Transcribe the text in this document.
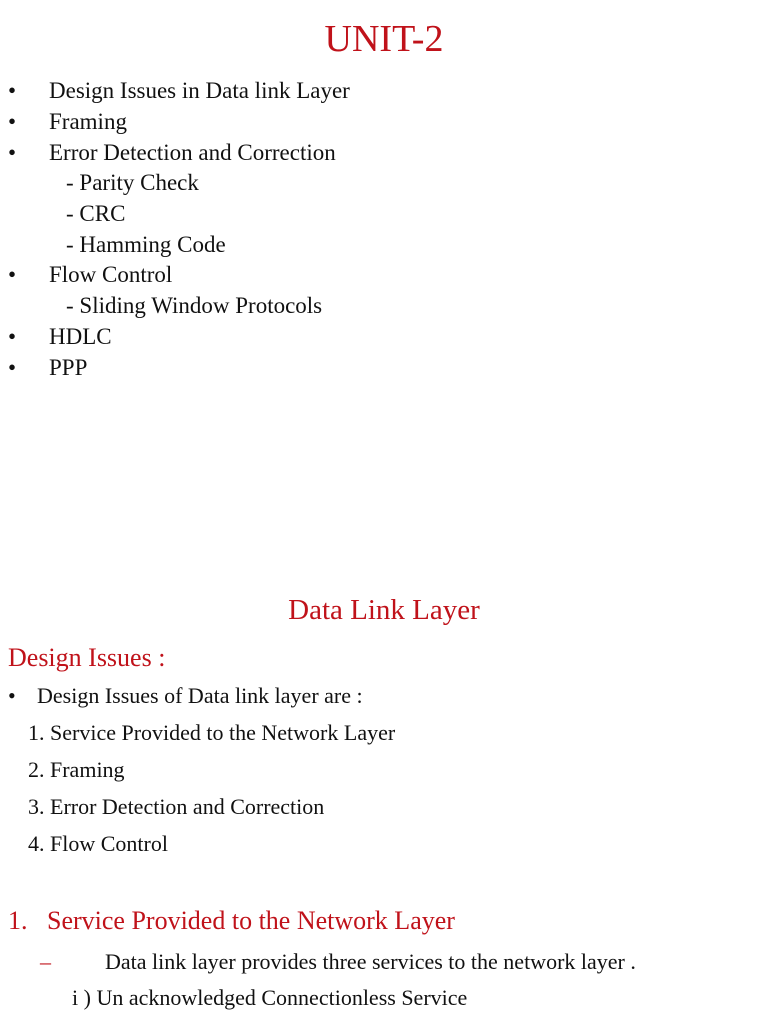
UNIT-2
• Design Issues in Data link Layer
• Framing
• Error Detection and Correction
- Parity Check
- CRC
- Hamming Code
• Flow Control
- Sliding Window Protocols
• HDLC
• PPP
Data Link Layer
Design Issues :
• Design Issues of Data link layer are :
1. Service Provided to the Network Layer
2. Framing
3. Error Detection and Correction
4. Flow Control
1. Service Provided to the Network Layer
– Data link layer provides three services to the network layer .
i ) Un acknowledged Connectionless Service
